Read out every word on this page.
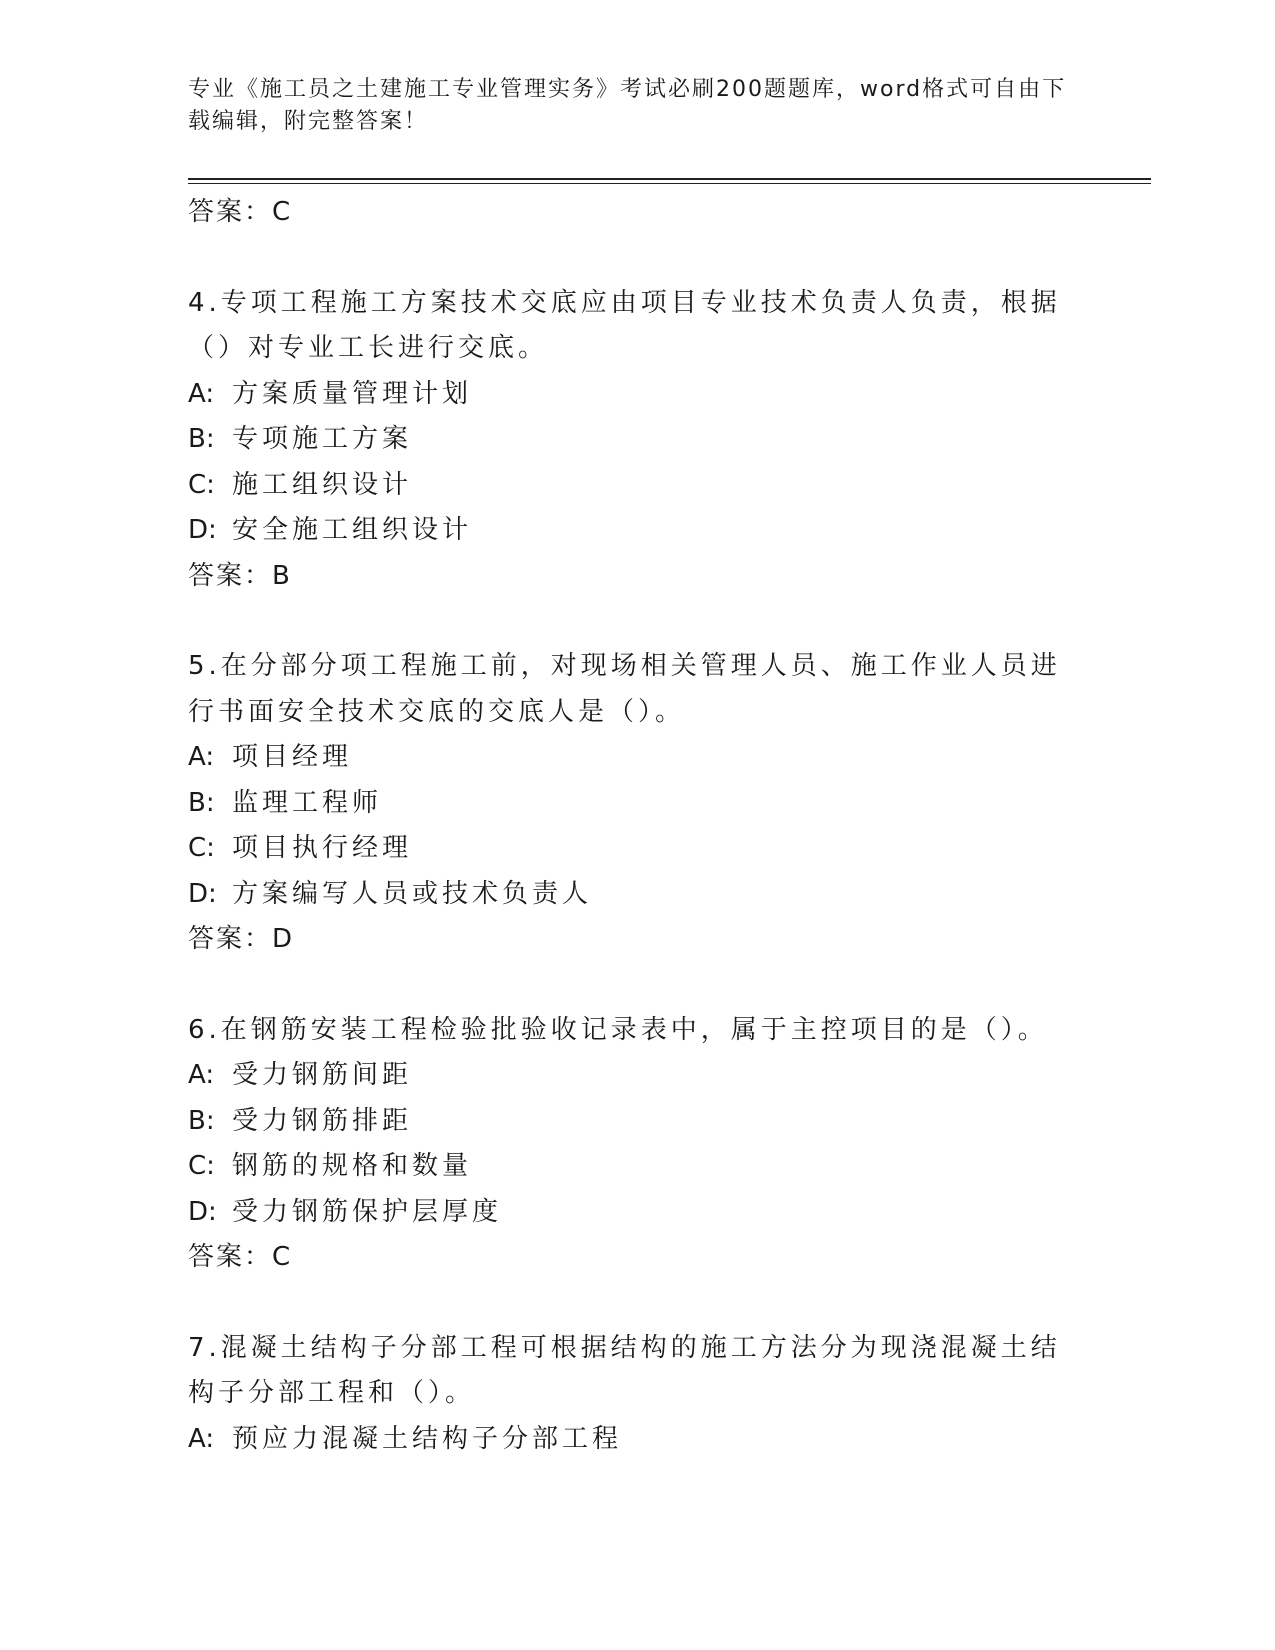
专业《施工员之土建施工专业管理实务》考试必刷200题题库，word格式可自由下载编辑，附完整答案！
答案：C
4.专项工程施工方案技术交底应由项目专业技术负责人负责，根据（）对专业工长进行交底。
A: 方案质量管理计划
B: 专项施工方案
C: 施工组织设计
D: 安全施工组织设计
答案：B
5.在分部分项工程施工前，对现场相关管理人员、施工作业人员进行书面安全技术交底的交底人是（）。
A: 项目经理
B: 监理工程师
C: 项目执行经理
D: 方案编写人员或技术负责人
答案：D
6.在钢筋安装工程检验批验收记录表中，属于主控项目的是（）。
A: 受力钢筋间距
B: 受力钢筋排距
C: 钢筋的规格和数量
D: 受力钢筋保护层厚度
答案：C
7.混凝土结构子分部工程可根据结构的施工方法分为现浇混凝土结构子分部工程和（）。
A: 预应力混凝土结构子分部工程
